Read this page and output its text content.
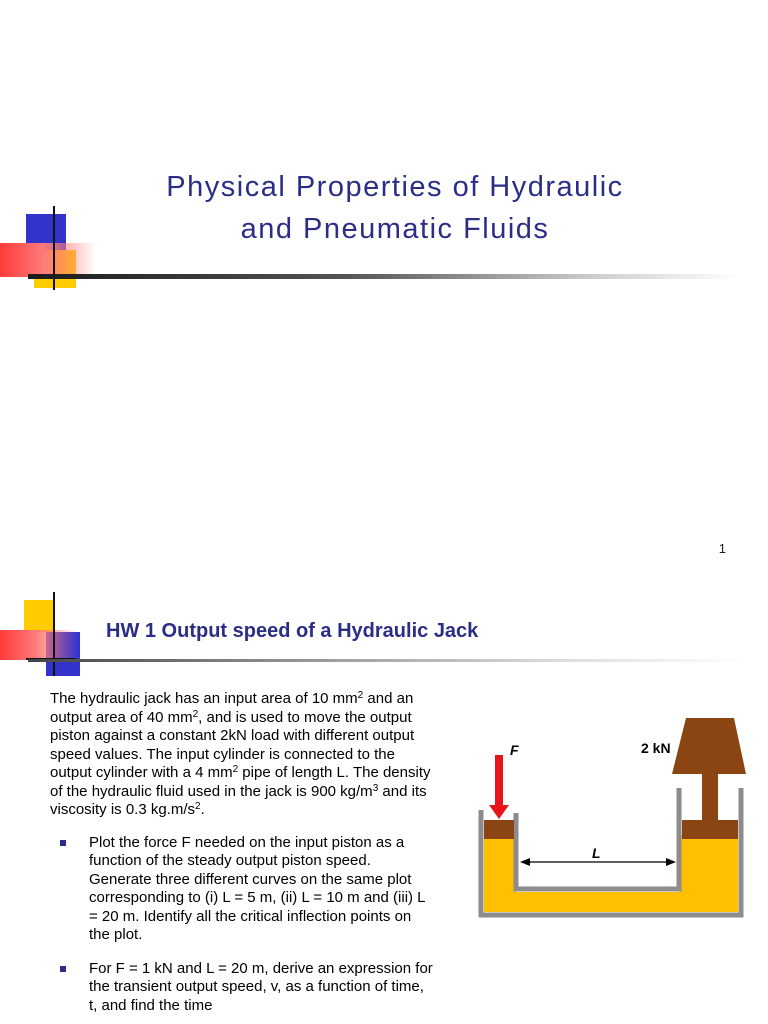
Physical Properties of Hydraulic
and Pneumatic Fluids
1
HW 1 Output speed of a Hydraulic Jack

The hydraulic jack has an input area of 10 $mm^2$ and an output area of 40 $mm^2$, and is used to move the output piston against a constant 2kN load with different output speed values. The input cylinder is connected to the output cylinder with a 4 $mm^2$ pipe of length L. The density of the hydraulic fluid used in the jack is 900 $kg/m^3$ and its viscosity is 0.3 $kg.m/s^2$.

Plot the force F needed on the input piston as a function of the steady output piston speed. Generate three different curves on the same plot corresponding to (i) L = 5 m, (ii) L = 10 m and (iii) L = 20 m. Identify all the critical inflection points on the plot.
For F = 1 kN and L = 20 m, derive an expression for the transient output speed, v, as a function of time, t, and find the time
F	2 kN
L
